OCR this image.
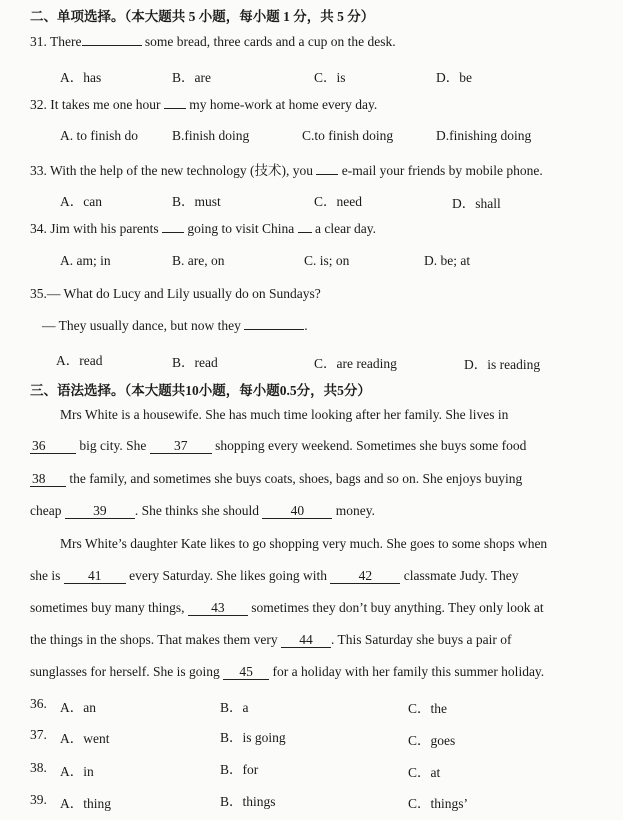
二、单项选择。（本大题共 5 小题，每小题 1 分，共 5 分）
31. There	some bread, three cards and a cup on the desk.
A．has	B．are	C．is	D．be
32. It takes me one hour my home-work at home every day.
A. to finish do	B.finish doing	C.to finish doing	D.finishing doing
33. With the help of the new technology (技术), you e-mail your friends by mobile phone.
A．can	B．must	C．need	D．shall
34. Jim with his parents going to visit China a clear day.
A. am; in	B. are, on	C. is; on	D. be; at
35.— What do Lucy and Lily usually do on Sundays?
— They usually dance, but now they	.
A．read	B．read	C．are reading	D．is reading
三、语法选择。（本大题共10小题，每小题0.5分，共5分）
Mrs White is a housewife. She has much time looking after her family. She lives in
36	big city. She 37 shopping every weekend. Sometimes she buys some food
38 the family, and sometimes she buys coats, shoes, bags and so on. She enjoys buying
cheap 39 . She thinks she should 40 money.
Mrs White’s daughter Kate likes to go shopping very much. She goes to some shops when
she is 41 every Saturday. She likes going with 42 classmate Judy. They
sometimes buy many things, 43 sometimes they don’t buy anything. They only look at
the things in the shops. That makes them very 44 . This Saturday she buys a pair of
sunglasses for herself. She is going 45 for a holiday with her family this summer holiday.
36. A．an	B．a	C．the
37. A．went	B．is going	C．goes
38. A．in	B．for	C．at
39. A．thing	B．things	C．things’
